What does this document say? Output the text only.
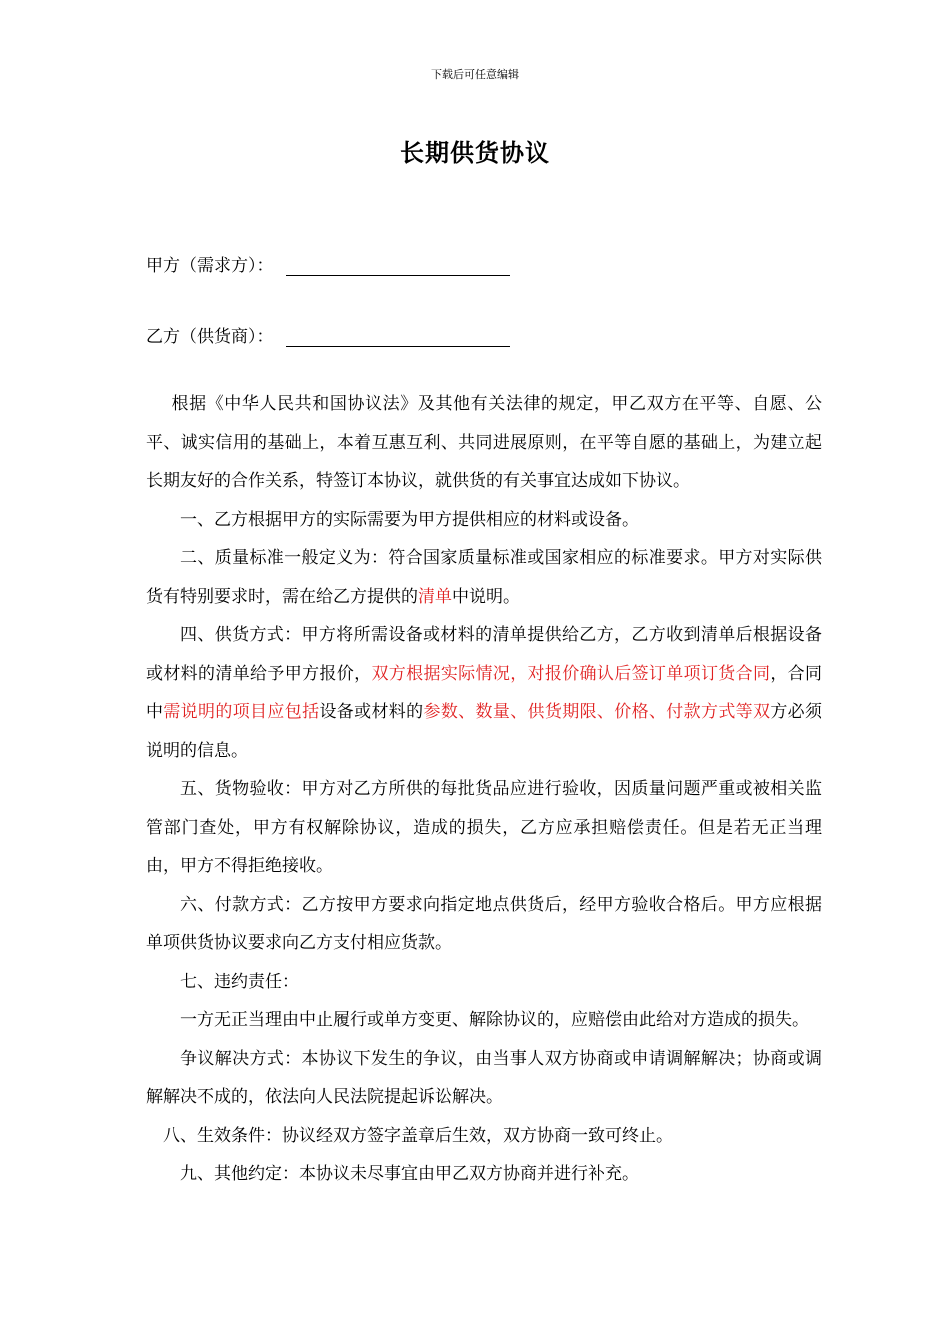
下载后可任意编辑
长期供货协议
甲方（需求方）：
乙方（供货商）：

根据《中华人民共和国协议法》及其他有关法律的规定，甲乙双方在平等、自愿、公平、诚实信用的基础上，本着互惠互利、共同进展原则，在平等自愿的基础上，为建立起长期友好的合作关系，特签订本协议，就供货的有关事宜达成如下协议。

一、乙方根据甲方的实际需要为甲方提供相应的材料或设备。

二、质量标准一般定义为：符合国家质量标准或国家相应的标准要求。甲方对实际供货有特别要求时，需在给乙方提供的清单中说明。

四、供货方式：甲方将所需设备或材料的清单提供给乙方，乙方收到清单后根据设备或材料的清单给予甲方报价，双方根据实际情况，对报价确认后签订单项订货合同，合同中需说明的项目应包括设备或材料的参数、数量、供货期限、价格、付款方式等双方必须说明的信息。

五、货物验收：甲方对乙方所供的每批货品应进行验收，因质量问题严重或被相关监管部门查处，甲方有权解除协议，造成的损失，乙方应承担赔偿责任。但是若无正当理由，甲方不得拒绝接收。

六、付款方式：乙方按甲方要求向指定地点供货后，经甲方验收合格后。甲方应根据单项供货协议要求向乙方支付相应货款。

七、违约责任：

一方无正当理由中止履行或单方变更、解除协议的，应赔偿由此给对方造成的损失。

争议解决方式：本协议下发生的争议，由当事人双方协商或申请调解解决；协商或调解解决不成的，依法向人民法院提起诉讼解决。

八、生效条件：协议经双方签字盖章后生效，双方协商一致可终止。

九、其他约定：本协议未尽事宜由甲乙双方协商并进行补充。
